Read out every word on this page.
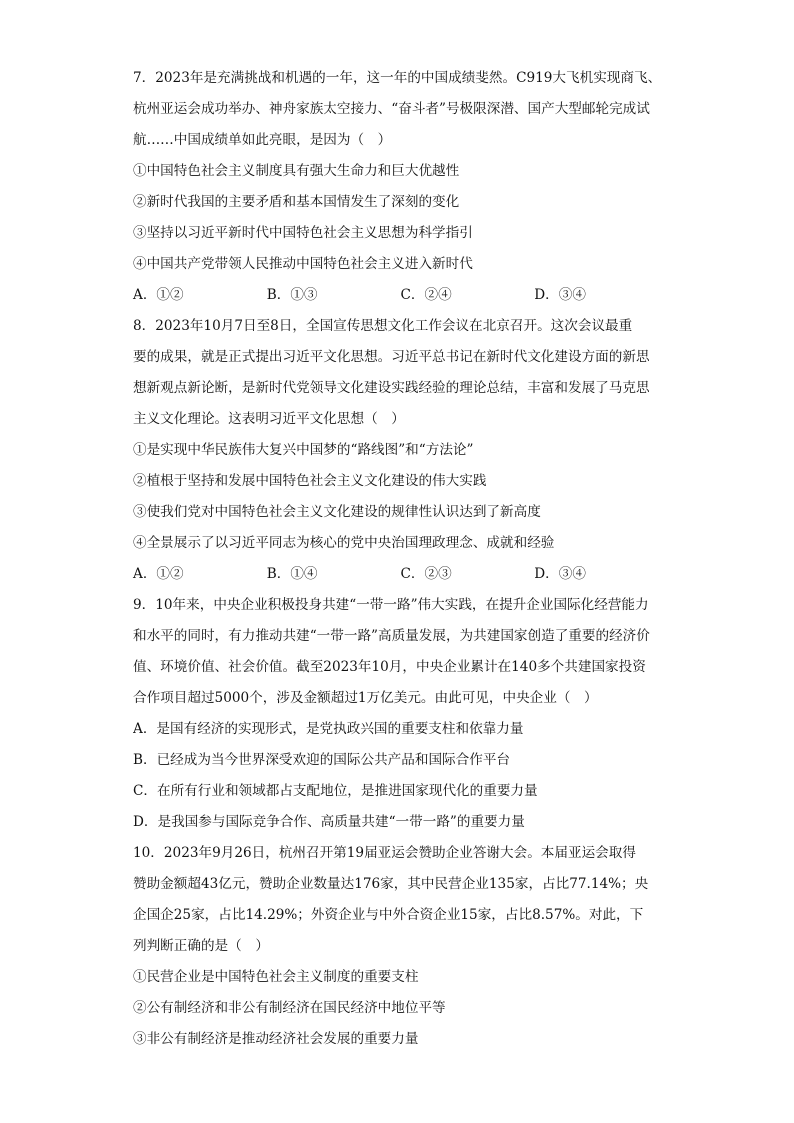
7．2023年是充满挑战和机遇的一年，这一年的中国成绩斐然。C919大飞机实现商飞、
杭州亚运会成功举办、神舟家族太空接力、“奋斗者”号极限深潜、国产大型邮轮完成试
航……中国成绩单如此亮眼，是因为（　）
①中国特色社会主义制度具有强大生命力和巨大优越性
②新时代我国的主要矛盾和基本国情发生了深刻的变化
③坚持以习近平新时代中国特色社会主义思想为科学指引
④中国共产党带领人民推动中国特色社会主义进入新时代
A．①②	B．①③	C．②④	D．③④
8．2023年10月7日至8日，全国宣传思想文化工作会议在北京召开。这次会议最重
要的成果，就是正式提出习近平文化思想。习近平总书记在新时代文化建设方面的新思
想新观点新论断，是新时代党领导文化建设实践经验的理论总结，丰富和发展了马克思
主义文化理论。这表明习近平文化思想（　）
①是实现中华民族伟大复兴中国梦的“路线图”和“方法论”
②植根于坚持和发展中国特色社会主义文化建设的伟大实践
③使我们党对中国特色社会主义文化建设的规律性认识达到了新高度
④全景展示了以习近平同志为核心的党中央治国理政理念、成就和经验
A．①②	B．①④	C．②③	D．③④
9．10年来，中央企业积极投身共建“一带一路”伟大实践，在提升企业国际化经营能力
和水平的同时，有力推动共建“一带一路”高质量发展，为共建国家创造了重要的经济价
值、环境价值、社会价值。截至2023年10月，中央企业累计在140多个共建国家投资
合作项目超过5000个，涉及金额超过1万亿美元。由此可见，中央企业（　）
A．是国有经济的实现形式，是党执政兴国的重要支柱和依靠力量
B．已经成为当今世界深受欢迎的国际公共产品和国际合作平台
C．在所有行业和领域都占支配地位，是推进国家现代化的重要力量
D．是我国参与国际竞争合作、高质量共建“一带一路”的重要力量
10．2023年9月26日，杭州召开第19届亚运会赞助企业答谢大会。本届亚运会取得
赞助金额超43亿元，赞助企业数量达176家，其中民营企业135家，占比77.14%；央
企国企25家，占比14.29%；外资企业与中外合资企业15家，占比8.57%。对此，下
列判断正确的是（　）
①民营企业是中国特色社会主义制度的重要支柱
②公有制经济和非公有制经济在国民经济中地位平等
③非公有制经济是推动经济社会发展的重要力量
